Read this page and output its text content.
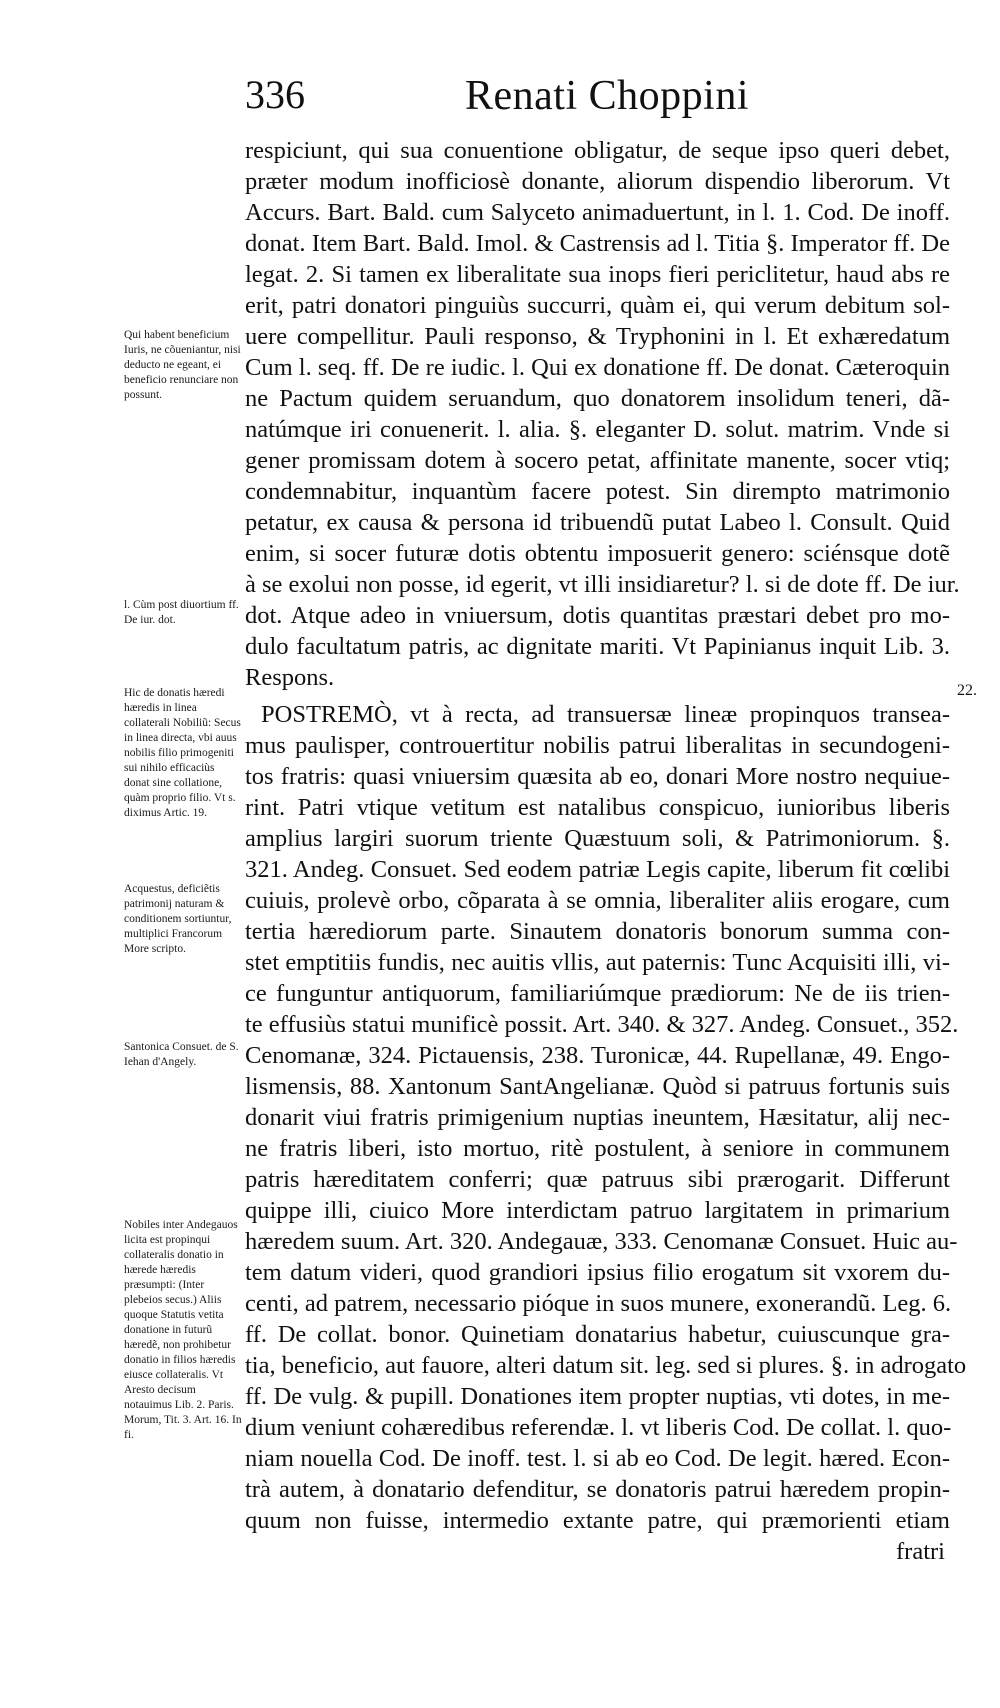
336	Renati Choppini
Qui habent beneficium Iuris, ne cõueniantur, nisi deducto ne egeant, ei beneficio renunciare non possunt.
l. Cùm post diuortium ff. De iur. dot.
Hic de donatis hæredi hæredis in linea collaterali Nobiliũ: Secus in linea directa, vbi auus nobilis filio primogeniti sui nihilo efficaciùs donat sine collatione, quàm proprio filio. Vt s. diximus Artic. 19.
Acquestus, deficiẽtis patrimonij naturam & conditionem sortiuntur, multiplici Francorum More scripto.
Santonica Consuet. de S. Iehan d'Angely.
Nobiles inter Andegauos licita est propinqui collateralis donatio in hærede hæredis præsumpti: (Inter plebeios secus.) Aliis quoque Statutis vetita donatione in futurũ hæredẽ, non prohibetur donatio in filios hæredis eiusce collateralis. Vt Aresto decisum notauimus Lib. 2. Paris. Morum, Tit. 3. Art. 16. In fi.
22.
respiciunt, qui sua conuentione obligatur, de seque ipso queri debet,
præter modum inofficiosè donante, aliorum dispendio liberorum. Vt
Accurs. Bart. Bald. cum Salyceto animaduertunt, in l. 1. Cod. De inoff.
donat. Item Bart. Bald. Imol. & Castrensis ad l. Titia §. Imperator ff. De
legat. 2. Si tamen ex liberalitate sua inops fieri periclitetur, haud abs re
erit, patri donatori pinguiùs succurri, quàm ei, qui verum debitum sol-
uere compellitur. Pauli responso, & Tryphonini in l. Et exhæredatum
Cum l. seq. ff. De re iudic. l. Qui ex donatione ff. De donat. Cæteroquin
ne Pactum quidem seruandum, quo donatorem insolidum teneri, dã-
natúmque iri conuenerit. l. alia. §. eleganter D. solut. matrim. Vnde si
gener promissam dotem à socero petat, affinitate manente, socer vtiq;
condemnabitur, inquantùm facere potest. Sin dirempto matrimonio
petatur, ex causa & persona id tribuendũ putat Labeo l. Consult. Quid
enim, si socer futuræ dotis obtentu imposuerit genero: sciénsque dotẽ
à se exolui non posse, id egerit, vt illi insidiaretur? l. si de dote ff. De iur.
dot. Atque adeo in vniuersum, dotis quantitas præstari debet pro mo-
dulo facultatum patris, ac dignitate mariti. Vt Papinianus inquit Lib. 3.
Respons.
POSTREMÒ, vt à recta, ad transuersæ lineæ propinquos transea-
mus paulisper, controuertitur nobilis patrui liberalitas in secundogeni-
tos fratris: quasi vniuersim quæsita ab eo, donari More nostro nequiue-
rint. Patri vtique vetitum est natalibus conspicuo, iunioribus liberis
amplius largiri suorum triente Quæstuum soli, & Patrimoniorum. §.
321. Andeg. Consuet. Sed eodem patriæ Legis capite, liberum fit cœlibi
cuiuis, prolevè orbo, cõparata à se omnia, liberaliter aliis erogare, cum
tertia hærediorum parte. Sinautem donatoris bonorum summa con-
stet emptitiis fundis, nec auitis vllis, aut paternis: Tunc Acquisiti illi, vi-
ce funguntur antiquorum, familiariúmque prædiorum: Ne de iis trien-
te effusiùs statui munificè possit. Art. 340. & 327. Andeg. Consuet., 352.
Cenomanæ, 324. Pictauensis, 238. Turonicæ, 44. Rupellanæ, 49. Engo-
lismensis, 88. Xantonum SantAngelianæ. Quòd si patruus fortunis suis
donarit viui fratris primigenium nuptias ineuntem, Hæsitatur, alij nec-
ne fratris liberi, isto mortuo, ritè postulent, à seniore in communem
patris hæreditatem conferri; quæ patruus sibi prærogarit. Differunt
quippe illi, ciuico More interdictam patruo largitatem in primarium
hæredem suum. Art. 320. Andegauæ, 333. Cenomanæ Consuet. Huic au-
tem datum videri, quod grandiori ipsius filio erogatum sit vxorem du-
centi, ad patrem, necessario pióque in suos munere, exonerandũ. Leg. 6.
ff. De collat. bonor. Quinetiam donatarius habetur, cuiuscunque gra-
tia, beneficio, aut fauore, alteri datum sit. leg. sed si plures. §. in adrogato
ff. De vulg. & pupill. Donationes item propter nuptias, vti dotes, in me-
dium veniunt cohæredibus referendæ. l. vt liberis Cod. De collat. l. quo-
niam nouella Cod. De inoff. test. l. si ab eo Cod. De legit. hæred. Econ-
trà autem, à donatario defenditur, se donatoris patrui hæredem propin-
quum non fuisse, intermedio extante patre, qui præmorienti etiam
fratri
